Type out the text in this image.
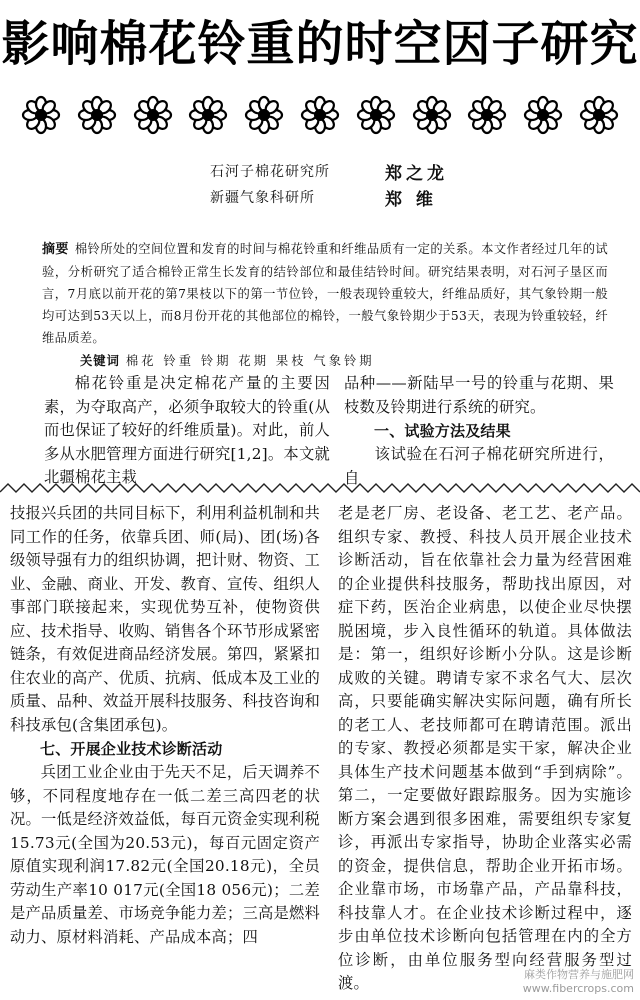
影响棉花铃重的时空因子研究
石河子棉花研究所	郑之龙
新疆气象科研所	郑 维
摘要 棉铃所处的空间位置和发育的时间与棉花铃重和纤维品质有一定的关系。本文作者经过几年的试验，分析研究了适合棉铃正常生长发育的结铃部位和最佳结铃时间。研究结果表明，对石河子垦区而言，7月底以前开花的第7果枝以下的第一节位铃，一般表现铃重较大，纤维品质好，其气象铃期一般均可达到53天以上，而8月份开花的其他部位的棉铃，一般气象铃期少于53天，表现为铃重较轻，纤维品质差。
关键词 棉花 铃重 铃期 花期 果枝 气象铃期

棉花铃重是决定棉花产量的主要因素，为夺取高产，必须争取较大的铃重(从而也保证了较好的纤维质量)。对此，前人多从水肥管理方面进行研究[1,2]。本文就北疆棉花主栽

品种——新陆早一号的铃重与花期、果枝数及铃期进行系统的研究。

一、试验方法及结果

该试验在石河子棉花研究所进行，自

技报兴兵团的共同目标下，利用利益机制和共同工作的任务，依靠兵团、师(局)、团(场)各级领导强有力的组织协调，把计财、物资、工业、金融、商业、开发、教育、宣传、组织人事部门联接起来，实现优势互补，使物资供应、技术指导、收购、销售各个环节形成紧密链条，有效促进商品经济发展。第四，紧紧扣住农业的高产、优质、抗病、低成本及工业的质量、品种、效益开展科技服务、科技咨询和科技承包(含集团承包)。

七、开展企业技术诊断活动

兵团工业企业由于先天不足，后天调养不够，不同程度地存在一低二差三高四老的状况。一低是经济效益低，每百元资金实现利税15.73元(全国为20.53元)，每百元固定资产原值实现利润17.82元(全国20.18元)，全员劳动生产率10 017元(全国18 056元)；二差是产品质量差、市场竞争能力差；三高是燃料动力、原材料消耗、产品成本高；四

老是老厂房、老设备、老工艺、老产品。组织专家、教授、科技人员开展企业技术诊断活动，旨在依靠社会力量为经营困难的企业提供科技服务，帮助找出原因，对症下药，医治企业病患，以使企业尽快摆脱困境，步入良性循环的轨道。具体做法是：第一，组织好诊断小分队。这是诊断成败的关键。聘请专家不求名气大、层次高，只要能确实解决实际问题，确有所长的老工人、老技师都可在聘请范围。派出的专家、教授必须都是实干家，解决企业具体生产技术问题基本做到“手到病除”。第二，一定要做好跟踪服务。因为实施诊断方案会遇到很多困难，需要组织专家复诊，再派出专家指导，协助企业落实必需的资金，提供信息，帮助企业开拓市场。企业靠市场，市场靠产品，产品靠科技，科技靠人才。在企业技术诊断过程中，逐步由单位技术诊断向包括管理在内的全方位诊断，由单位服务型向经营服务型过渡。	麻类作物营养与施肥网
www.fibercrops.com
